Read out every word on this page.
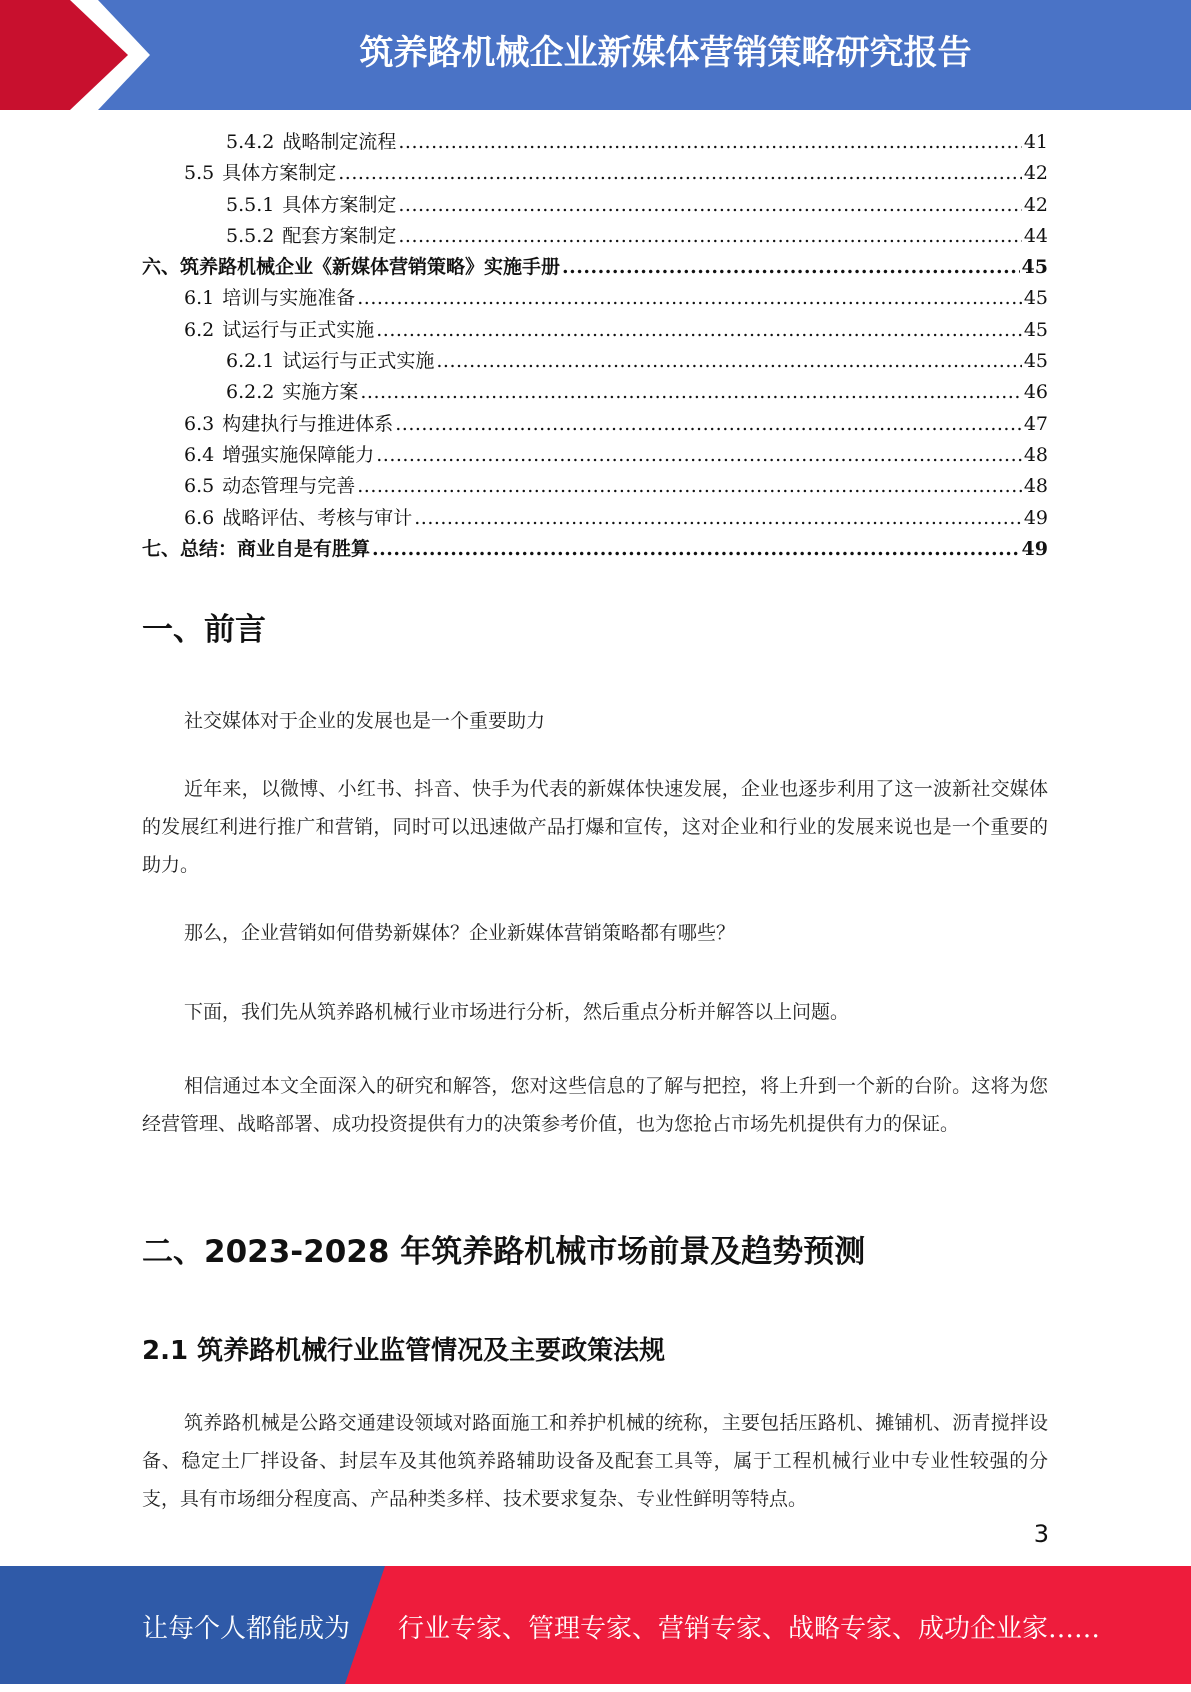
筑养路机械企业新媒体营销策略研究报告
5.4.2 战略制定流程 .....	41
5.5 具体方案制定 .....	42
5.5.1 具体方案制定 .....	42
5.5.2 配套方案制定 .....	44
六、筑养路机械企业《新媒体营销策略》实施手册 .....	45
6.1 培训与实施准备 .....	45
6.2 试运行与正式实施 .....	45
6.2.1 试运行与正式实施 .....	45
6.2.2 实施方案 .....	46
6.3 构建执行与推进体系 .....	47
6.4 增强实施保障能力 .....	48
6.5 动态管理与完善 .....	48
6.6 战略评估、考核与审计 .....	49
七、总结：商业自是有胜算 .....	49
一、前言
社交媒体对于企业的发展也是一个重要助力
近年来，以微博、小红书、抖音、快手为代表的新媒体快速发展，企业也逐步利用了这一波新社交媒体的发展红利进行推广和营销，同时可以迅速做产品打爆和宣传，这对企业和行业的发展来说也是一个重要的助力。
那么，企业营销如何借势新媒体？企业新媒体营销策略都有哪些？
下面，我们先从筑养路机械行业市场进行分析，然后重点分析并解答以上问题。
相信通过本文全面深入的研究和解答，您对这些信息的了解与把控，将上升到一个新的台阶。这将为您经营管理、战略部署、成功投资提供有力的决策参考价值，也为您抢占市场先机提供有力的保证。
二、2023-2028 年筑养路机械市场前景及趋势预测
2.1 筑养路机械行业监管情况及主要政策法规
筑养路机械是公路交通建设领域对路面施工和养护机械的统称，主要包括压路机、摊铺机、沥青搅拌设备、稳定土厂拌设备、封层车及其他筑养路辅助设备及配套工具等，属于工程机械行业中专业性较强的分支，具有市场细分程度高、产品种类多样、技术要求复杂、专业性鲜明等特点。
3
让每个人都能成为 行业专家、管理专家、营销专家、战略专家、成功企业家……
